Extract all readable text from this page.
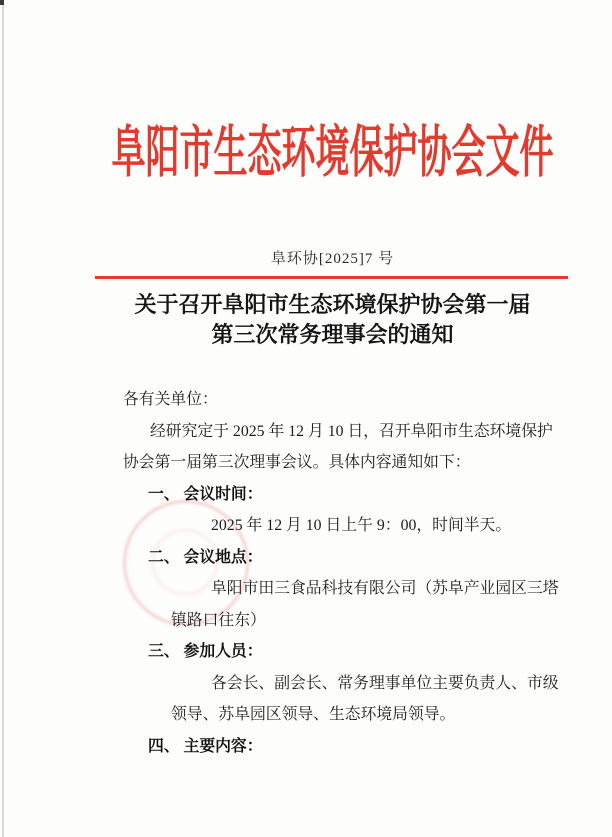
阜阳市生态环境保护协会文件
阜环协[2025]7 号
关于召开阜阳市生态环境保护协会第一届
第三次常务理事会的通知

各有关单位：

经研究定于 2025 年 12 月 10 日，召开阜阳市生态环境保护协会第一届第三次理事会议。具体内容通知如下：

一、 会议时间：

2025 年 12 月 10 日上午 9：00，时间半天。

二、 会议地点：

阜阳市田三食品科技有限公司（苏阜产业园区三塔镇路口往东）

三、 参加人员：

各会长、副会长、常务理事单位主要负责人、市级领导、苏阜园区领导、生态环境局领导。

四、 主要内容：
